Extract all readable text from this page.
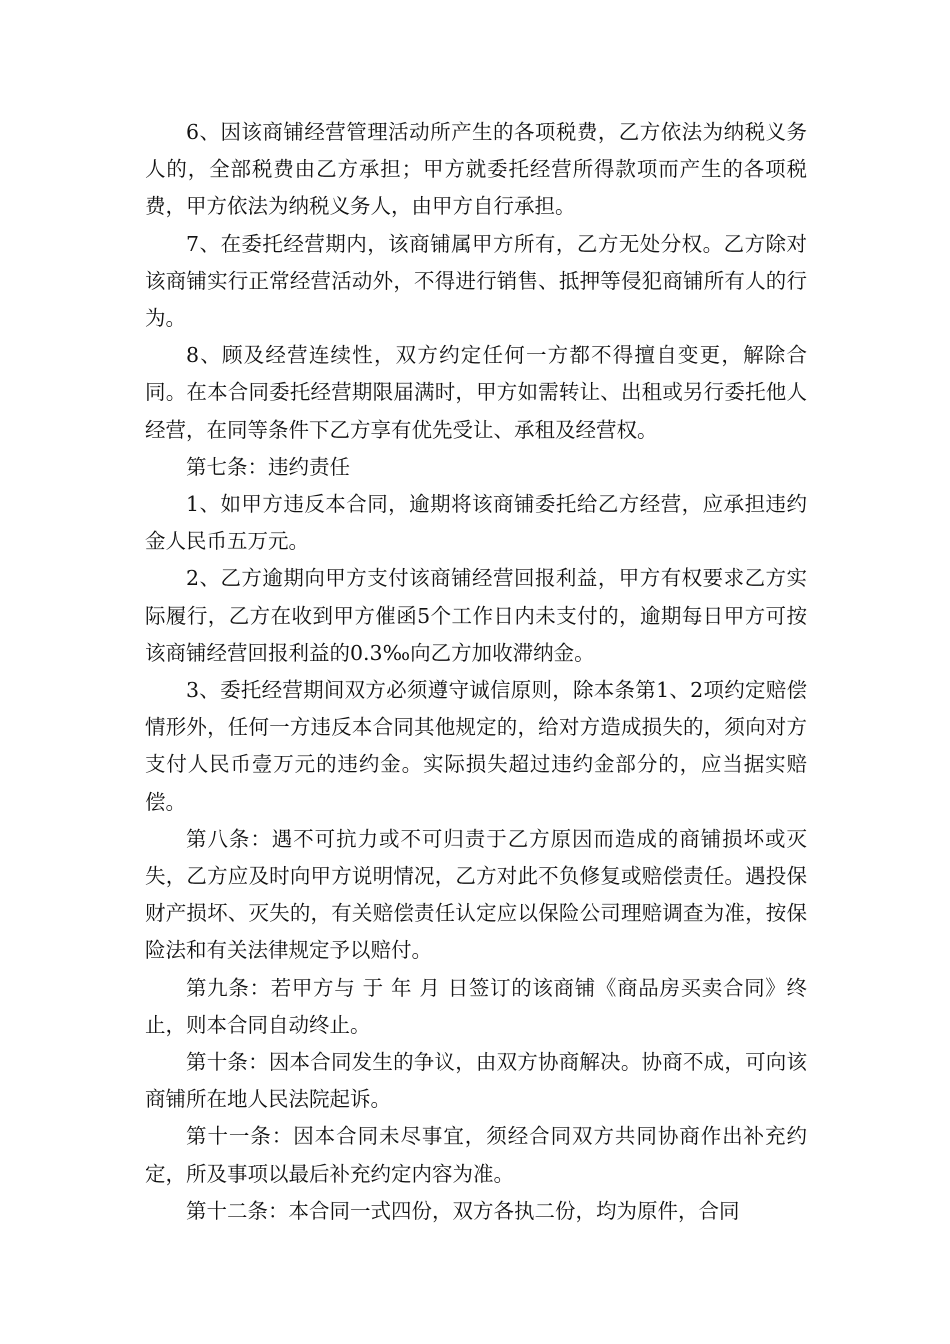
6、因该商铺经营管理活动所产生的各项税费，乙方依法为纳税义务人的，全部税费由乙方承担；甲方就委托经营所得款项而产生的各项税费，甲方依法为纳税义务人，由甲方自行承担。

7、在委托经营期内，该商铺属甲方所有，乙方无处分权。乙方除对该商铺实行正常经营活动外，不得进行销售、抵押等侵犯商铺所有人的行为。

8、顾及经营连续性，双方约定任何一方都不得擅自变更，解除合同。在本合同委托经营期限届满时，甲方如需转让、出租或另行委托他人经营，在同等条件下乙方享有优先受让、承租及经营权。

第七条：违约责任

1、如甲方违反本合同，逾期将该商铺委托给乙方经营，应承担违约金人民币五万元。

2、乙方逾期向甲方支付该商铺经营回报利益，甲方有权要求乙方实际履行，乙方在收到甲方催函5个工作日内未支付的，逾期每日甲方可按该商铺经营回报利益的0.3‰向乙方加收滞纳金。

3、委托经营期间双方必须遵守诚信原则，除本条第1、2项约定赔偿情形外，任何一方违反本合同其他规定的，给对方造成损失的，须向对方支付人民币壹万元的违约金。实际损失超过违约金部分的，应当据实赔偿。

第八条：遇不可抗力或不可归责于乙方原因而造成的商铺损坏或灭失，乙方应及时向甲方说明情况，乙方对此不负修复或赔偿责任。遇投保财产损坏、灭失的，有关赔偿责任认定应以保险公司理赔调查为准，按保险法和有关法律规定予以赔付。

第九条：若甲方与 于 年 月 日签订的该商铺《商品房买卖合同》终止，则本合同自动终止。

第十条：因本合同发生的争议，由双方协商解决。协商不成，可向该商铺所在地人民法院起诉。

第十一条：因本合同未尽事宜，须经合同双方共同协商作出补充约定，所及事项以最后补充约定内容为准。

第十二条：本合同一式四份，双方各执二份，均为原件，合同
